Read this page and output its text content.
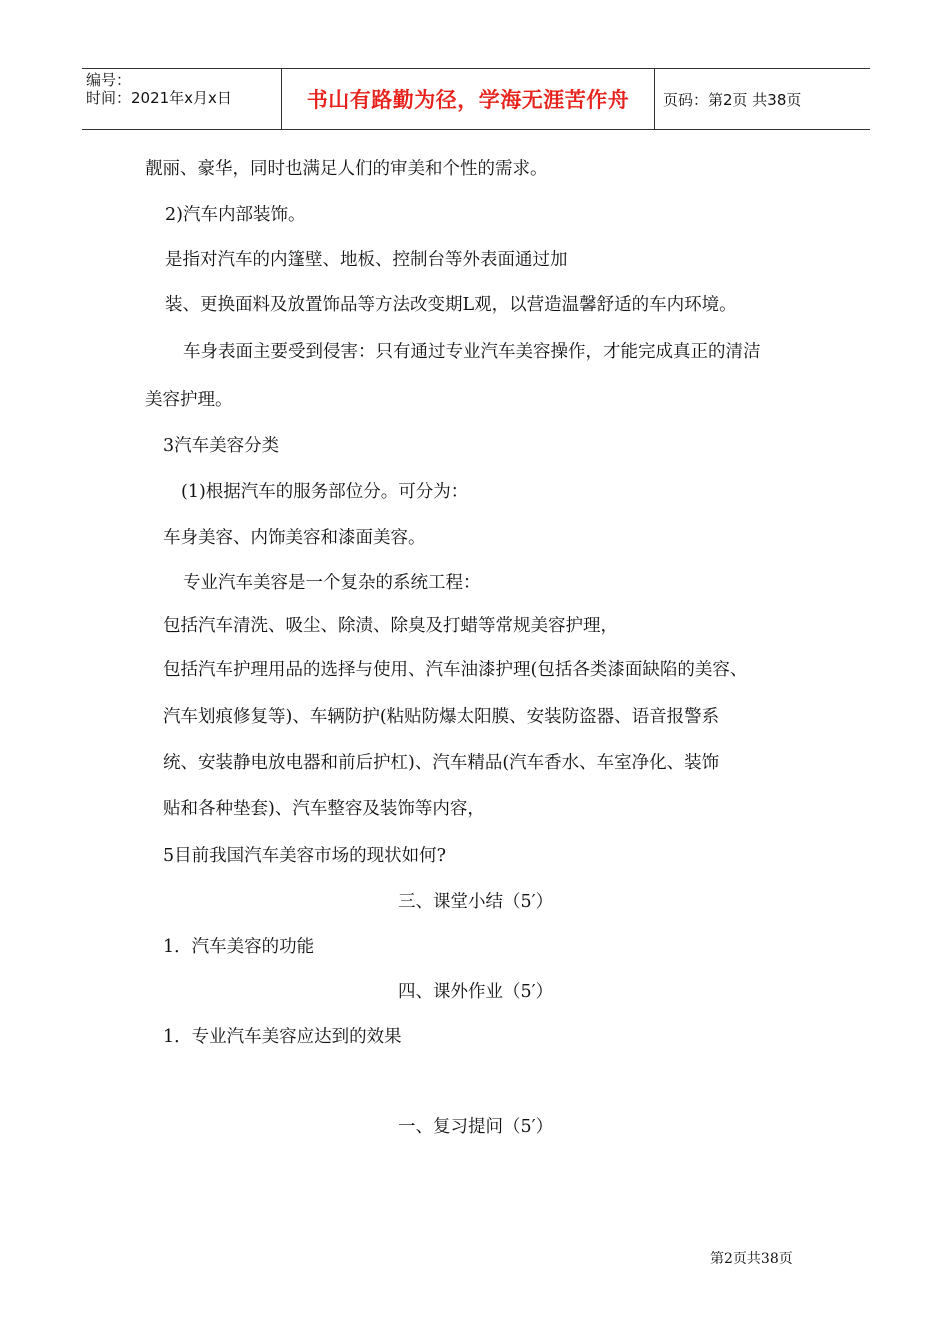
编号：
时间：2021年x月x日	书山有路勤为径，学海无涯苦作舟	页码：第2页 共38页
靓丽、豪华，同时也满足人们的审美和个性的需求。
2)汽车内部装饰。
是指对汽车的内篷壁、地板、控制台等外表面通过加
装、更换面料及放置饰品等方法改变期L观，以营造温馨舒适的车内环境。
车身表面主要受到侵害：只有通过专业汽车美容操作，才能完成真正的清洁
美容护理。
3汽车美容分类
(1)根据汽车的服务部位分。可分为：
车身美容、内饰美容和漆面美容。
专业汽车美容是一个复杂的系统工程：
包括汽车清洗、吸尘、除渍、除臭及打蜡等常规美容护理，
包括汽车护理用品的选择与使用、汽车油漆护理(包括各类漆面缺陷的美容、
汽车划痕修复等)、车辆防护(粘贴防爆太阳膜、安装防盗器、语音报警系
统、安装静电放电器和前后护杠)、汽车精品(汽车香水、车室净化、装饰
贴和各种垫套)、汽车整容及装饰等内容，
5目前我国汽车美容市场的现状如何?
三、课堂小结（5′）
1．汽车美容的功能
四、课外作业（5′）
1．专业汽车美容应达到的效果
一、复习提问（5′）
第2页共38页
